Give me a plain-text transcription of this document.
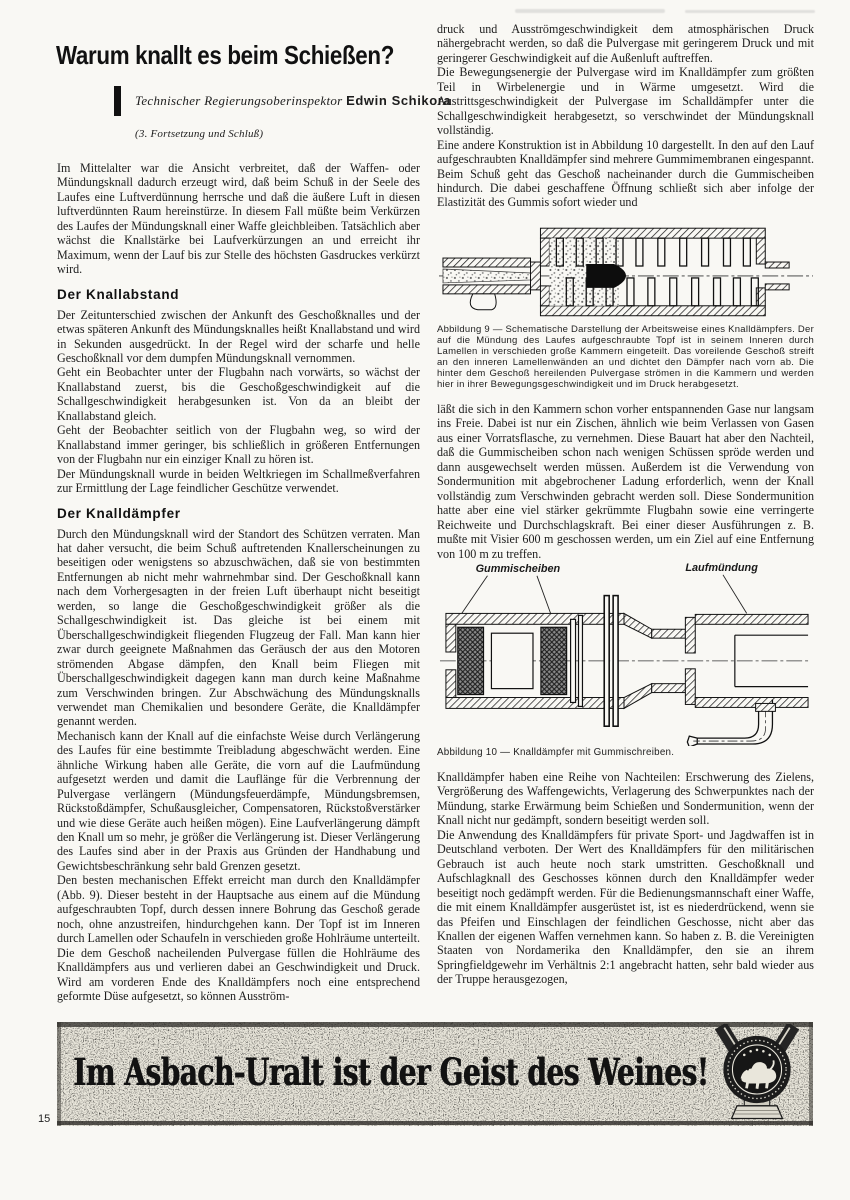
Warum knallt es beim Schießen?
Technischer Regierungsoberinspektor Edwin Schikora
(3. Fortsetzung und Schluß)

Im Mittelalter war die Ansicht verbreitet, daß der Waffen- oder Mündungsknall dadurch erzeugt wird, daß beim Schuß in der Seele des Laufes eine Luftverdünnung herrsche und daß die äußere Luft in diesen luftverdünnten Raum hereinstürze. In diesem Fall müßte beim Verkürzen des Laufes der Mündungsknall einer Waffe gleichbleiben. Tatsächlich aber wächst die Knallstärke bei Laufverkürzungen an und erreicht ihr Maximum, wenn der Lauf bis zur Stelle des höchsten Gasdruckes verkürzt wird.

Der Knallabstand

Der Zeitunterschied zwischen der Ankunft des Geschoßknalles und der etwas späteren Ankunft des Mündungsknalles heißt Knallabstand und wird in Sekunden ausgedrückt. In der Regel wird der scharfe und helle Geschoßknall vor dem dumpfen Mündungsknall vernommen.

Geht ein Beobachter unter der Flugbahn nach vorwärts, so wächst der Knallabstand zuerst, bis die Geschoßgeschwindigkeit auf die Schallgeschwindigkeit herabgesunken ist. Von da an bleibt der Knallabstand gleich.

Geht der Beobachter seitlich von der Flugbahn weg, so wird der Knallabstand immer geringer, bis schließlich in größeren Entfernungen von der Flugbahn nur ein einziger Knall zu hören ist.

Der Mündungsknall wurde in beiden Weltkriegen im Schallmeßverfahren zur Ermittlung der Lage feindlicher Geschütze verwendet.

Der Knalldämpfer

Durch den Mündungsknall wird der Standort des Schützen verraten. Man hat daher versucht, die beim Schuß auftretenden Knallerscheinungen zu beseitigen oder wenigstens so abzuschwächen, daß sie von bestimmten Entfernungen ab nicht mehr wahrnehmbar sind. Der Geschoßknall kann nach dem Vorhergesagten in der freien Luft überhaupt nicht beseitigt werden, so lange die Geschoßgeschwindigkeit größer als die Schallgeschwindigkeit ist. Das gleiche ist bei einem mit Überschallgeschwindigkeit fliegenden Flugzeug der Fall. Man kann hier zwar durch geeignete Maßnahmen das Geräusch der aus den Motoren strömenden Abgase dämpfen, den Knall beim Fliegen mit Überschallgeschwindigkeit dagegen kann man durch keine Maßnahme zum Verschwinden bringen. Zur Abschwächung des Mündungsknalls verwendet man Chemikalien und besondere Geräte, die Knalldämpfer genannt werden.

Mechanisch kann der Knall auf die einfachste Weise durch Verlängerung des Laufes für eine bestimmte Treibladung abgeschwächt werden. Eine ähnliche Wirkung haben alle Geräte, die vorn auf die Laufmündung aufgesetzt werden und damit die Lauflänge für die Verbrennung der Pulvergase verlängern (Mündungsfeuerdämpfe, Mündungsbremsen, Rückstoßdämpfer, Schußausgleicher, Compensatoren, Rückstoßverstärker und wie diese Geräte auch heißen mögen). Eine Laufverlängerung dämpft den Knall um so mehr, je größer die Verlängerung ist. Dieser Verlängerung des Laufes sind aber in der Praxis aus Gründen der Handhabung und Gewichtsbeschränkung sehr bald Grenzen gesetzt.

Den besten mechanischen Effekt erreicht man durch den Knalldämpfer (Abb. 9). Dieser besteht in der Hauptsache aus einem auf die Mündung aufgeschraubten Topf, durch dessen innere Bohrung das Geschoß gerade noch, ohne anzustreifen, hindurchgehen kann. Der Topf ist im Inneren durch Lamellen oder Schaufeln in verschieden große Hohlräume unterteilt. Die dem Geschoß nacheilenden Pulvergase füllen die Hohlräume des Knalldämpfers aus und verlieren dabei an Geschwindigkeit und Druck. Wird am vorderen Ende des Knalldämpfers noch eine entsprechend geformte Düse aufgesetzt, so können Ausström-

druck und Ausströmgeschwindigkeit dem atmosphärischen Druck nähergebracht werden, so daß die Pulvergase mit geringerem Druck und mit geringerer Geschwindigkeit auf die Außenluft auftreffen.

Die Bewegungsenergie der Pulvergase wird im Knalldämpfer zum größten Teil in Wirbelenergie und in Wärme umgesetzt. Wird die Austrittsgeschwindigkeit der Pulvergase im Schalldämpfer unter die Schallgeschwindigkeit herabgesetzt, so verschwindet der Mündungsknall vollständig.

Eine andere Konstruktion ist in Abbildung 10 dargestellt. In den auf den Lauf aufgeschraubten Knalldämpfer sind mehrere Gummimembranen eingespannt. Beim Schuß geht das Geschoß nacheinander durch die Gummischeiben hindurch. Die dabei geschaffene Öffnung schließt sich aber infolge der Elastizität des Gummis sofort wieder und

Abbildung 9 — Schematische Darstellung der Arbeitsweise eines Knalldämpfers. Der auf die Mündung des Laufes aufgeschraubte Topf ist in seinem Inneren durch Lamellen in verschieden große Kammern eingeteilt. Das voreilende Geschoß streift an den inneren Lamellenwänden an und dichtet den Dämpfer nach vorn ab. Die hinter dem Geschoß hereilenden Pulvergase strömen in die Kammern und werden hier in ihrer Bewegungsgeschwindigkeit und im Druck herabgesetzt.

läßt die sich in den Kammern schon vorher entspannenden Gase nur langsam ins Freie. Dabei ist nur ein Zischen, ähnlich wie beim Verlassen von Gasen aus einer Vorratsflasche, zu vernehmen. Diese Bauart hat aber den Nachteil, daß die Gummischeiben schon nach wenigen Schüssen spröde werden und dann ausgewechselt werden müssen. Außerdem ist die Verwendung von Sondermunition mit abgebrochener Ladung erforderlich, wenn der Knall vollständig zum Verschwinden gebracht werden soll. Diese Sondermunition hatte aber eine viel stärker gekrümmte Flugbahn sowie eine verringerte Reichweite und Durchschlagskraft. Bei einer dieser Ausführungen z. B. mußte mit Visier 600 m geschossen werden, um ein Ziel auf eine Entfernung von 100 m zu treffen.

Gummischeiben	Laufmündung
Abbildung 10 — Knalldämpfer mit Gummischreiben.

Knalldämpfer haben eine Reihe von Nachteilen: Erschwerung des Zielens, Vergrößerung des Waffengewichts, Verlagerung des Schwerpunktes nach der Mündung, starke Erwärmung beim Schießen und Sondermunition, wenn der Knall nicht nur gedämpft, sondern beseitigt werden soll.

Die Anwendung des Knalldämpfers für private Sport- und Jagdwaffen ist in Deutschland verboten. Der Wert des Knalldämpfers für den militärischen Gebrauch ist auch heute noch stark umstritten. Geschoßknall und Aufschlagknall des Geschosses können durch den Knalldämpfer weder beseitigt noch gedämpft werden. Für die Bedienungsmannschaft einer Waffe, die mit einem Knalldämpfer ausgerüstet ist, ist es niederdrückend, wenn sie das Pfeifen und Einschlagen der feindlichen Geschosse, nicht aber das Knallen der eigenen Waffen vernehmen kann. So haben z. B. die Vereinigten Staaten von Nordamerika den Knalldämpfer, den sie an ihrem Springfieldgewehr im Verhältnis 2:1 angebracht hatten, sehr bald wieder aus der Truppe herausgezogen,

Im Asbach-Uralt ist der Geist des Weines!
15
